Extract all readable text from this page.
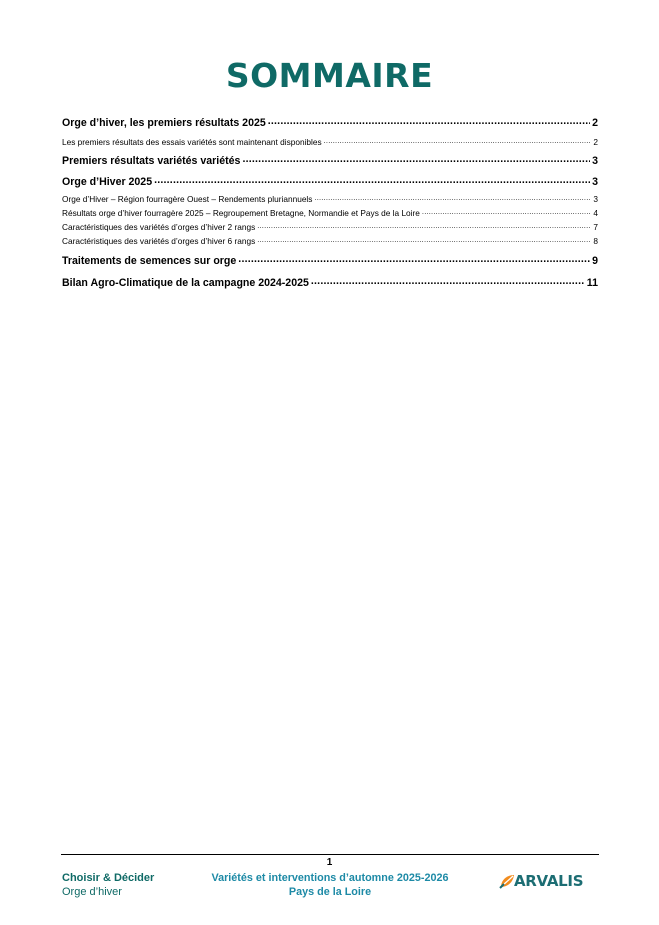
SOMMAIRE
Orge d’hiver, les premiers résultats 2025 .....	2
Les premiers résultats des essais variétés sont maintenant disponibles .....	2
Premiers résultats variétés variétés .....	3
Orge d’Hiver 2025 .....	3
Orge d’Hiver – Région fourragère Ouest – Rendements pluriannuels .....	3
Résultats orge d’hiver fourragère 2025 – Regroupement Bretagne, Normandie et Pays de la Loire .....	4
Caractéristiques des variétés d’orges d’hiver 2 rangs .....	7
Caractéristiques des variétés d’orges d’hiver 6 rangs .....	8
Traitements de semences sur orge .....	9
Bilan Agro-Climatique de la campagne 2024-2025 .....	11
1
Choisir & Décider
Orge d’hiver
Variétés et interventions d’automne 2025-2026
Pays de la Loire
ARVALIS
